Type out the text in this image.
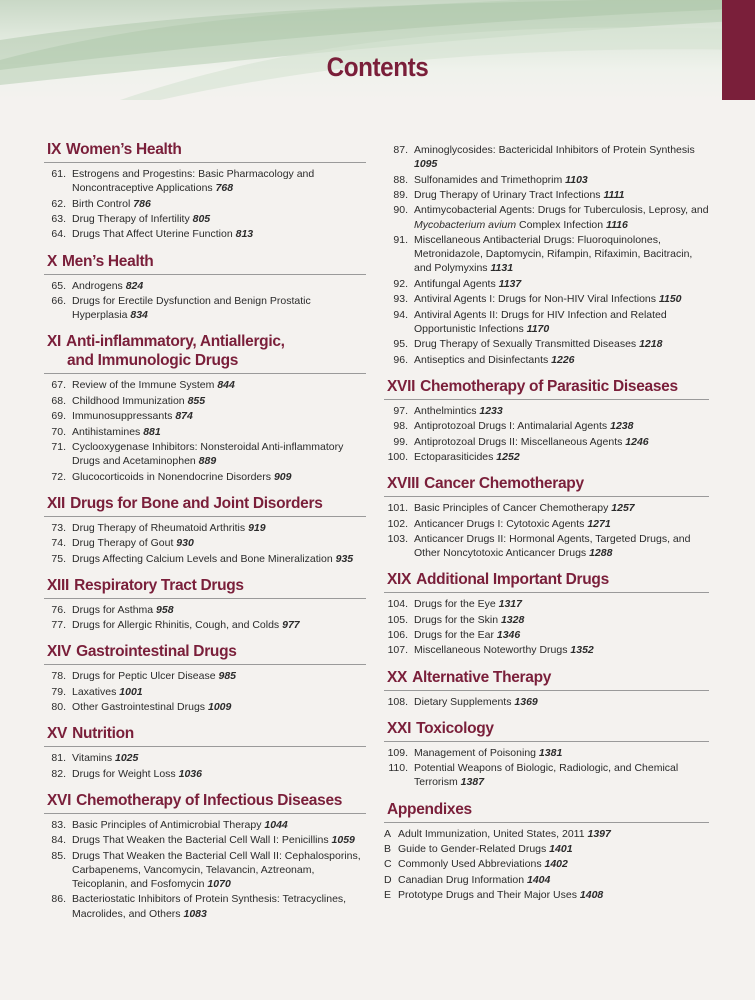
Contents
IX Women’s Health
61. Estrogens and Progestins: Basic Pharmacology and Noncontraceptive Applications 768
62. Birth Control 786
63. Drug Therapy of Infertility 805
64. Drugs That Affect Uterine Function 813
X Men’s Health
65. Androgens 824
66. Drugs for Erectile Dysfunction and Benign Prostatic Hyperplasia 834
XI Anti-inflammatory, Antiallergic,
and Immunologic Drugs
67. Review of the Immune System 844
68. Childhood Immunization 855
69. Immunosuppressants 874
70. Antihistamines 881
71. Cyclooxygenase Inhibitors: Nonsteroidal Anti-inflammatory Drugs and Acetaminophen 889
72. Glucocorticoids in Nonendocrine Disorders 909
XII Drugs for Bone and Joint Disorders
73. Drug Therapy of Rheumatoid Arthritis 919
74. Drug Therapy of Gout 930
75. Drugs Affecting Calcium Levels and Bone Mineralization 935
XIII Respiratory Tract Drugs
76. Drugs for Asthma 958
77. Drugs for Allergic Rhinitis, Cough, and Colds 977
XIV Gastrointestinal Drugs
78. Drugs for Peptic Ulcer Disease 985
79. Laxatives 1001
80. Other Gastrointestinal Drugs 1009
XV Nutrition
81. Vitamins 1025
82. Drugs for Weight Loss 1036
XVI Chemotherapy of Infectious Diseases
83. Basic Principles of Antimicrobial Therapy 1044
84. Drugs That Weaken the Bacterial Cell Wall I: Penicillins 1059
85. Drugs That Weaken the Bacterial Cell Wall II: Cephalosporins, Carbapenems, Vancomycin, Telavancin, Aztreonam, Teicoplanin, and Fosfomycin 1070
86. Bacteriostatic Inhibitors of Protein Synthesis: Tetracyclines, Macrolides, and Others 1083
87. Aminoglycosides: Bactericidal Inhibitors of Protein Synthesis 1095
88. Sulfonamides and Trimethoprim 1103
89. Drug Therapy of Urinary Tract Infections 1111
90. Antimycobacterial Agents: Drugs for Tuberculosis, Leprosy, and Mycobacterium avium Complex Infection 1116
91. Miscellaneous Antibacterial Drugs: Fluoroquinolones, Metronidazole, Daptomycin, Rifampin, Rifaximin, Bacitracin, and Polymyxins 1131
92. Antifungal Agents 1137
93. Antiviral Agents I: Drugs for Non-HIV Viral Infections 1150
94. Antiviral Agents II: Drugs for HIV Infection and Related Opportunistic Infections 1170
95. Drug Therapy of Sexually Transmitted Diseases 1218
96. Antiseptics and Disinfectants 1226
XVII Chemotherapy of Parasitic Diseases
97. Anthelmintics 1233
98. Antiprotozoal Drugs I: Antimalarial Agents 1238
99. Antiprotozoal Drugs II: Miscellaneous Agents 1246
100. Ectoparasiticides 1252
XVIII Cancer Chemotherapy
101. Basic Principles of Cancer Chemotherapy 1257
102. Anticancer Drugs I: Cytotoxic Agents 1271
103. Anticancer Drugs II: Hormonal Agents, Targeted Drugs, and Other Noncytotoxic Anticancer Drugs 1288
XIX Additional Important Drugs
104. Drugs for the Eye 1317
105. Drugs for the Skin 1328
106. Drugs for the Ear 1346
107. Miscellaneous Noteworthy Drugs 1352
XX Alternative Therapy
108. Dietary Supplements 1369
XXI Toxicology
109. Management of Poisoning 1381
110. Potential Weapons of Biologic, Radiologic, and Chemical Terrorism 1387
Appendixes
A Adult Immunization, United States, 2011 1397
B Guide to Gender-Related Drugs 1401
C Commonly Used Abbreviations 1402
D Canadian Drug Information 1404
E Prototype Drugs and Their Major Uses 1408
